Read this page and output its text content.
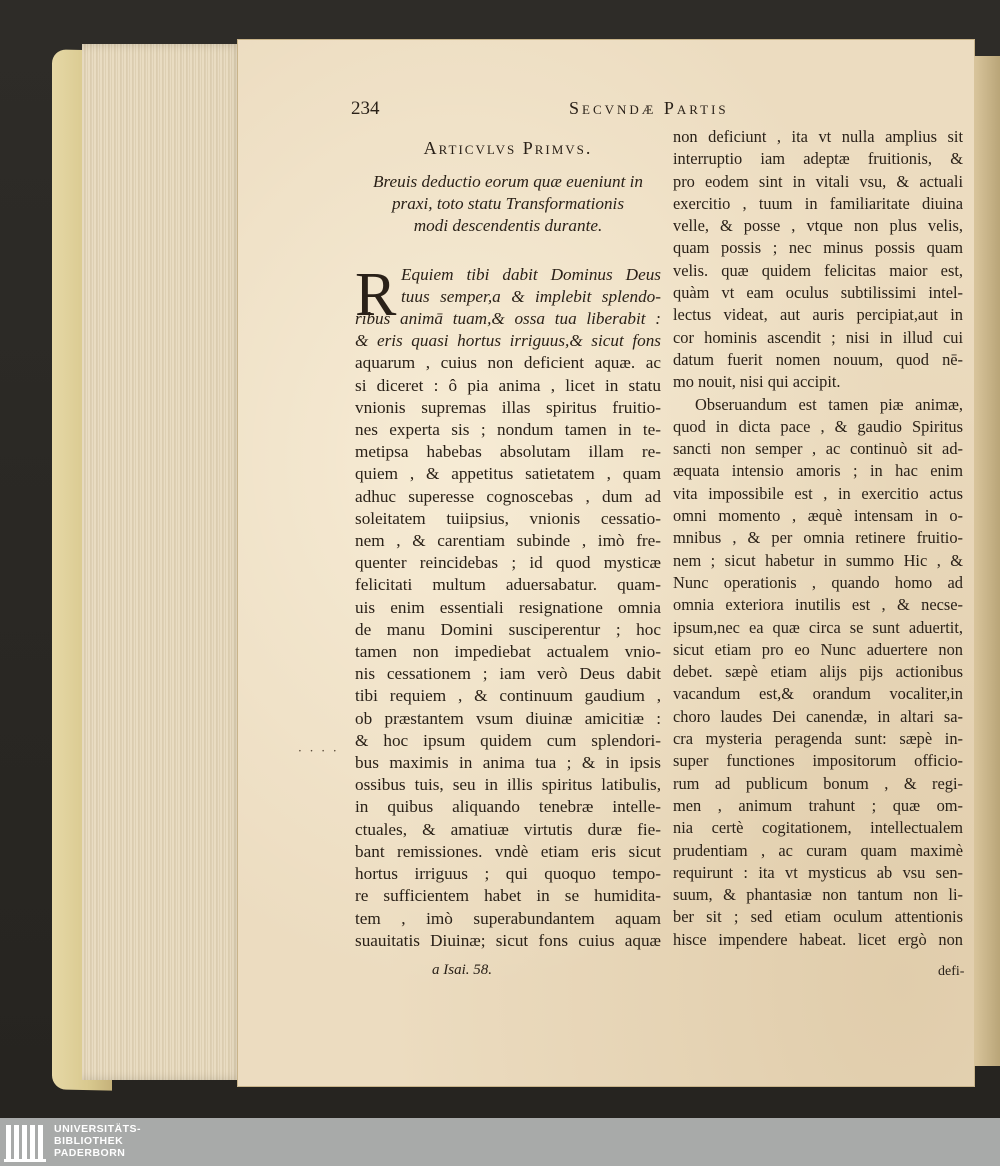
234	Secvndæ Partis
Articvlvs Primvs.
Breuis deductio eorum quæ eueniunt in
praxi, toto statu Transformationis
modi descendentis durante.
R Equiem tibi dabit Dominus Deus
tuus semper,a & implebit splendo-
ribus animā tuam,& ossa tua liberabit :
& eris quasi hortus irriguus,& sicut fons
aquarum , cuius non deficient aquæ. ac
si diceret : ô pia anima , licet in statu
vnionis supremas illas spiritus fruitio-
nes experta sis ; nondum tamen in te-
metipsa habebas absolutam illam re-
quiem , & appetitus satietatem , quam
adhuc superesse cognoscebas , dum ad
soleitatem tuiipsius, vnionis cessatio-
nem , & carentiam subinde , imò fre-
quenter reincidebas ; id quod mysticæ
felicitati multum aduersabatur. quam-
uis enim essentiali resignatione omnia
de manu Domini susciperentur ; hoc
tamen non impediebat actualem vnio-
nis cessationem ; iam verò Deus dabit
tibi requiem , & continuum gaudium ,
ob præstantem vsum diuinæ amicitiæ :
& hoc ipsum quidem cum splendori-
bus maximis in anima tua ; & in ipsis
ossibus tuis, seu in illis spiritus latibulis,
in quibus aliquando tenebræ intelle-
ctuales, & amatiuæ virtutis duræ fie-
bant remissiones. vndè etiam eris sicut
hortus irriguus ; qui quoquo tempo-
re sufficientem habet in se humidita-
tem , imò superabundantem aquam
suauitatis Diuinæ; sicut fons cuius aquæ
non deficiunt , ita vt nulla amplius sit
interruptio iam adeptæ fruitionis, &
pro eodem sint in vitali vsu, & actuali
exercitio , tuum in familiaritate diuina
velle, & posse , vtque non plus velis,
quam possis ; nec minus possis quam
velis. quæ quidem felicitas maior est,
quàm vt eam oculus subtilissimi intel-
lectus videat, aut auris percipiat,aut in
cor hominis ascendit ; nisi in illud cui
datum fuerit nomen nouum, quod nē-
mo nouit, nisi qui accipit.
Obseruandum est tamen piæ animæ,
quod in dicta pace , & gaudio Spiritus
sancti non semper , ac continuò sit ad-
æquata intensio amoris ; in hac enim
vita impossibile est , in exercitio actus
omni momento , æquè intensam in o-
mnibus , & per omnia retinere fruitio-
nem ; sicut habetur in summo Hic , &
Nunc operationis , quando homo ad
omnia exteriora inutilis est , & necse-
ipsum,nec ea quæ circa se sunt aduertit,
sicut etiam pro eo Nunc aduertere non
debet. sæpè etiam alijs pijs actionibus
vacandum est,& orandum vocaliter,in
choro laudes Dei canendæ, in altari sa-
cra mysteria peragenda sunt: sæpè in-
super functiones impositorum officio-
rum ad publicum bonum , & regi-
men , animum trahunt ; quæ om-
nia certè cogitationem, intellectualem
prudentiam , ac curam quam maximè
requirunt : ita vt mysticus ab vsu sen-
suum, & phantasiæ non tantum non li-
ber sit ; sed etiam oculum attentionis
hisce impendere habeat. licet ergò non
· · · ·
a Isai. 58.	defi-
UNIVERSITÄTS-
BIBLIOTHEK
PADERBORN
